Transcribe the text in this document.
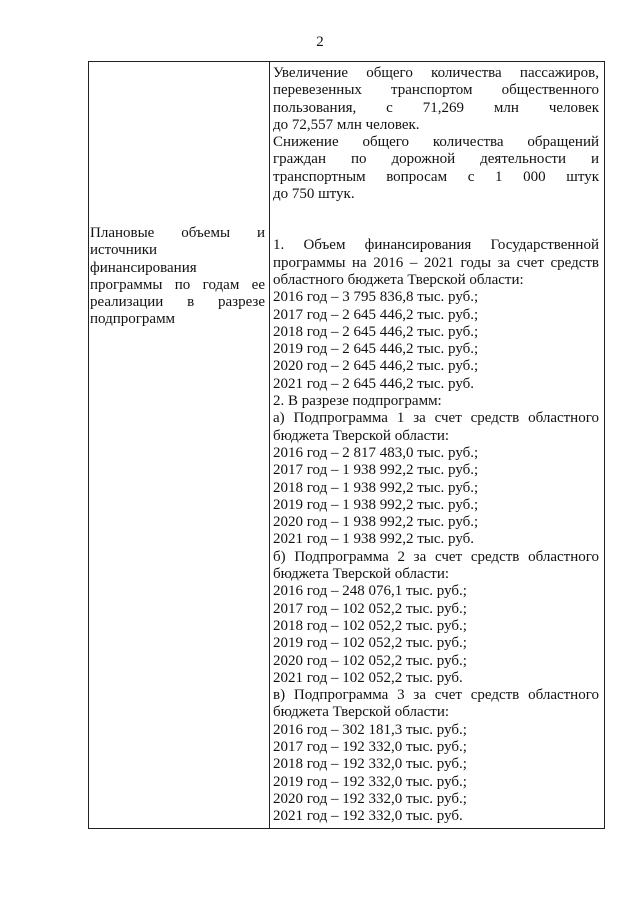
2
Плановые объемы и
источники
финансирования
программы по годам ее
реализации в разрезе
подпрограмм
Увеличение общего количества пассажиров,
перевезенных транспортом общественного
пользования, с 71,269 млн человек
до 72,557 млн человек.
Снижение общего количества обращений
граждан по дорожной деятельности и
транспортным вопросам с 1 000 штук
до 750 штук.
1. Объем финансирования Государственной
программы на 2016 – 2021 годы за счет средств
областного бюджета Тверской области:
2016 год – 3 795 836,8 тыс. руб.;
2017 год – 2 645 446,2 тыс. руб.;
2018 год – 2 645 446,2 тыс. руб.;
2019 год – 2 645 446,2 тыс. руб.;
2020 год – 2 645 446,2 тыс. руб.;
2021 год – 2 645 446,2 тыс. руб.
2. В разрезе подпрограмм:
а) Подпрограмма 1 за счет средств областного
бюджета Тверской области:
2016 год – 2 817 483,0 тыс. руб.;
2017 год – 1 938 992,2 тыс. руб.;
2018 год – 1 938 992,2 тыс. руб.;
2019 год – 1 938 992,2 тыс. руб.;
2020 год – 1 938 992,2 тыс. руб.;
2021 год – 1 938 992,2 тыс. руб.
б) Подпрограмма 2 за счет средств областного
бюджета Тверской области:
2016 год – 248 076,1 тыс. руб.;
2017 год – 102 052,2 тыс. руб.;
2018 год – 102 052,2 тыс. руб.;
2019 год – 102 052,2 тыс. руб.;
2020 год – 102 052,2 тыс. руб.;
2021 год – 102 052,2 тыс. руб.
в) Подпрограмма 3 за счет средств областного
бюджета Тверской области:
2016 год – 302 181,3 тыс. руб.;
2017 год – 192 332,0 тыс. руб.;
2018 год – 192 332,0 тыс. руб.;
2019 год – 192 332,0 тыс. руб.;
2020 год – 192 332,0 тыс. руб.;
2021 год – 192 332,0 тыс. руб.
